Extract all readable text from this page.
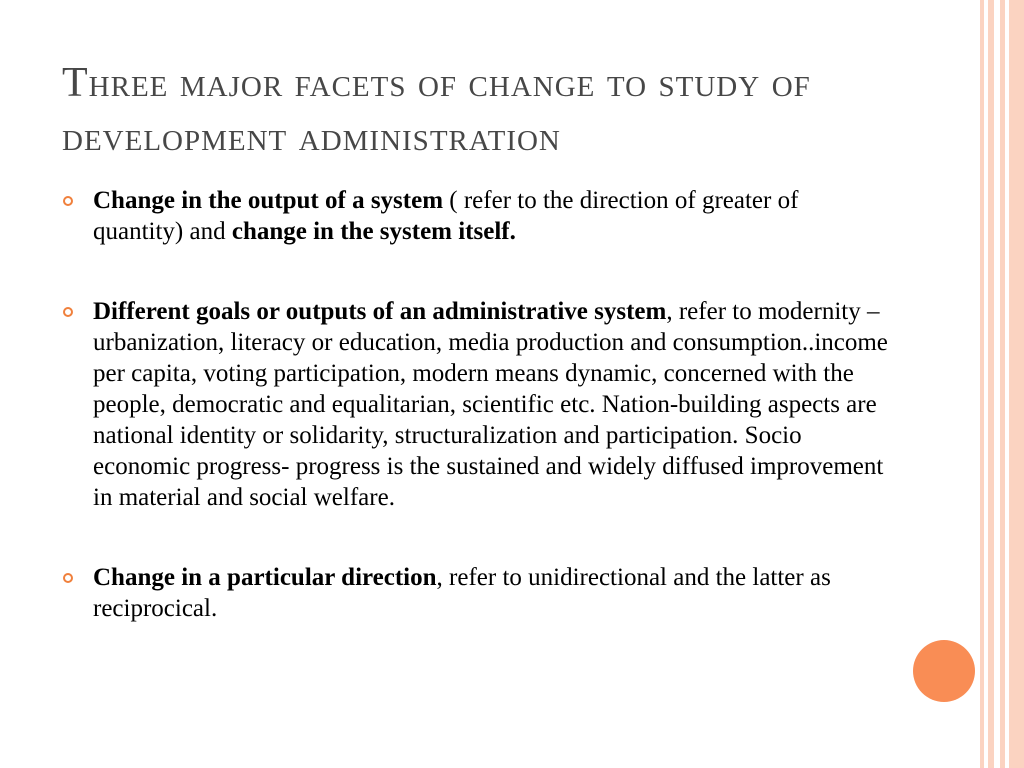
Three major facets of change to study of development administration
Change in the output of a system ( refer to the direction of greater of quantity) and change in the system itself.
Different goals or outputs of an administrative system, refer to modernity – urbanization, literacy or education, media production and consumption..income per capita, voting participation, modern means dynamic, concerned with the people, democratic and equalitarian, scientific etc. Nation-building aspects are national identity or solidarity, structuralization and participation. Socio economic progress- progress is the sustained and widely diffused improvement in material and social welfare.
Change in a particular direction, refer to unidirectional and the latter as reciprocical.
